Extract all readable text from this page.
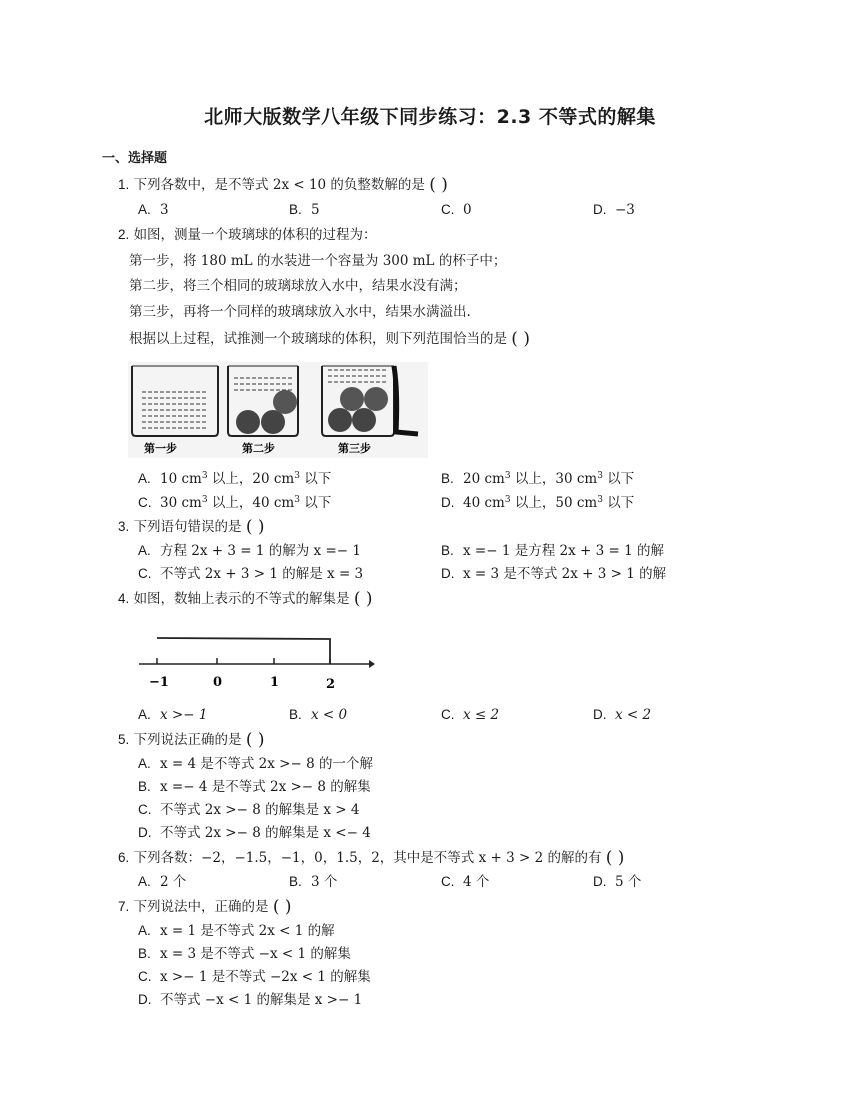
北师大版数学八年级下同步练习：2.3 不等式的解集
一、选择题
1. 下列各数中，是不等式 2x < 10 的负整数解的是 ( )
A. 3	B. 5	C. 0	D. −3
2. 如图，测量一个玻璃球的体积的过程为：
第一步，将 180 mL 的水装进一个容量为 300 mL 的杯子中；
第二步，将三个相同的玻璃球放入水中，结果水没有满；
第三步，再将一个同样的玻璃球放入水中，结果水满溢出.
根据以上过程，试推测一个玻璃球的体积，则下列范围恰当的是 ( )
第一步	第二步	第三步
A. 10 $cm^3$ 以上，20 $cm^3$ 以下	B. 20 $cm^3$ 以上，30 $cm^3$ 以下
C. 30 $cm^3$ 以上，40 $cm^3$ 以下	D. 40 $cm^3$ 以上，50 $cm^3$ 以下
3. 下列语句错误的是 ( )
A. 方程 2x + 3 = 1 的解为 x =− 1	B. x =− 1 是方程 2x + 3 = 1 的解
C. 不等式 2x + 3 > 1 的解是 x = 3	D. x = 3 是不等式 2x + 3 > 1 的解
4. 如图，数轴上表示的不等式的解集是 ( )
−1	0	1	2
A. x >− 1	B. x < 0	C. x ≤ 2	D. x < 2
5. 下列说法正确的是 ( )
A. x = 4 是不等式 2x >− 8 的一个解
B. x =− 4 是不等式 2x >− 8 的解集
C. 不等式 2x >− 8 的解集是 x > 4
D. 不等式 2x >− 8 的解集是 x <− 4
6. 下列各数：−2，−1.5，−1，0，1.5，2，其中是不等式 x + 3 > 2 的解的有 ( )
A. 2 个	B. 3 个	C. 4 个	D. 5 个
7. 下列说法中，正确的是 ( )
A. x = 1 是不等式 2x < 1 的解
B. x = 3 是不等式 −x < 1 的解集
C. x >− 1 是不等式 −2x < 1 的解集
D. 不等式 −x < 1 的解集是 x >− 1
